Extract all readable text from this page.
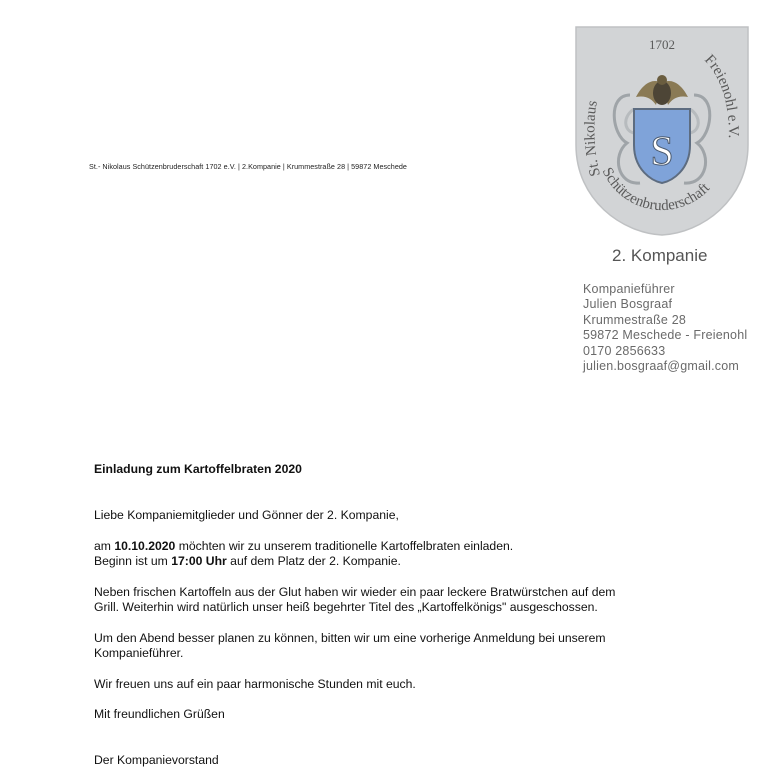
St.- Nikolaus Schützenbruderschaft 1702 e.V. | 2.Kompanie | Krummestraße 28 | 59872 Meschede
1702
St. Nikolaus
Freienohl e.V.
Schützenbruderschaft
S
2. Kompanie
Kompanieführer
Julien Bosgraaf
Krummestraße 28
59872 Meschede - Freienohl
0170 2856633
julien.bosgraaf@gmail.com

Einladung zum Kartoffelbraten 2020

Liebe Kompaniemitglieder und Gönner der 2. Kompanie,

am 10.10.2020 möchten wir zu unserem traditionelle Kartoffelbraten einladen.

Beginn ist um 17:00 Uhr auf dem Platz der 2. Kompanie.

Neben frischen Kartoffeln aus der Glut haben wir wieder ein paar leckere Bratwürstchen auf dem

Grill. Weiterhin wird natürlich unser heiß begehrter Titel des „Kartoffelkönigs" ausgeschossen.

Um den Abend besser planen zu können, bitten wir um eine vorherige Anmeldung bei unserem

Kompanieführer.

Wir freuen uns auf ein paar harmonische Stunden mit euch.

Mit freundlichen Grüßen

Der Kompanievorstand
